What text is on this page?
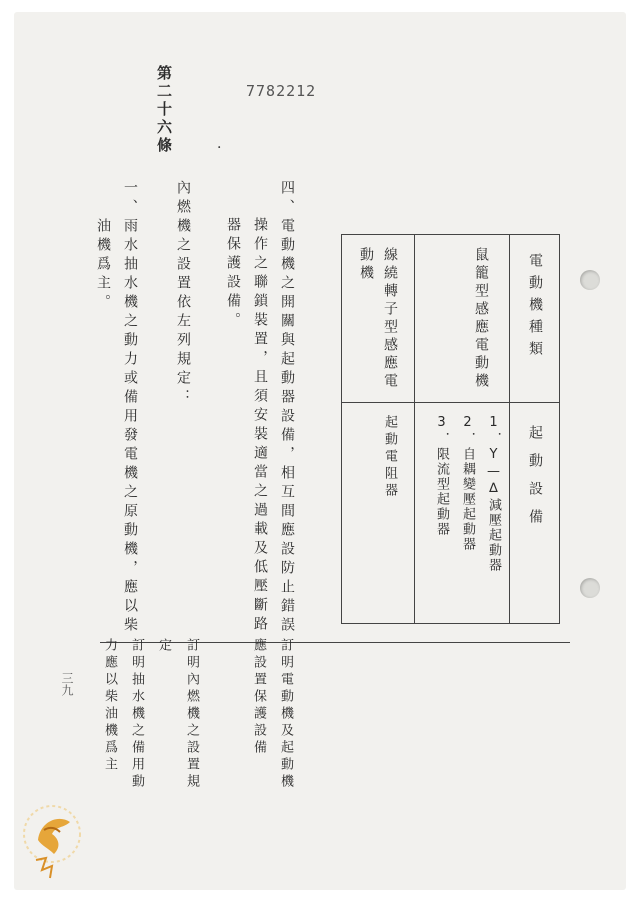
7782212
·
第二十六條
內燃機之設置依左列規定：
一、雨水抽水機之動力或備用發電機之原動機，應以柴
油機爲主。	四、電動機之開關與起動器設備，相互間應設防止錯誤
操作之聯鎖裝置，且須安裝適當之過載及低壓斷路
器保護設備。	電動機種類
起動設備
鼠籠型感應電動機
1．Y—∆減壓起動器
2．自耦變壓起動器
3．限流型起動器
線繞轉子型感應電
動機
起動電阻器
訂明電動機及起動機
應設置保護設備
訂明內燃機之設置規
定
訂明抽水機之備用動
力應以柴油機爲主
三九
